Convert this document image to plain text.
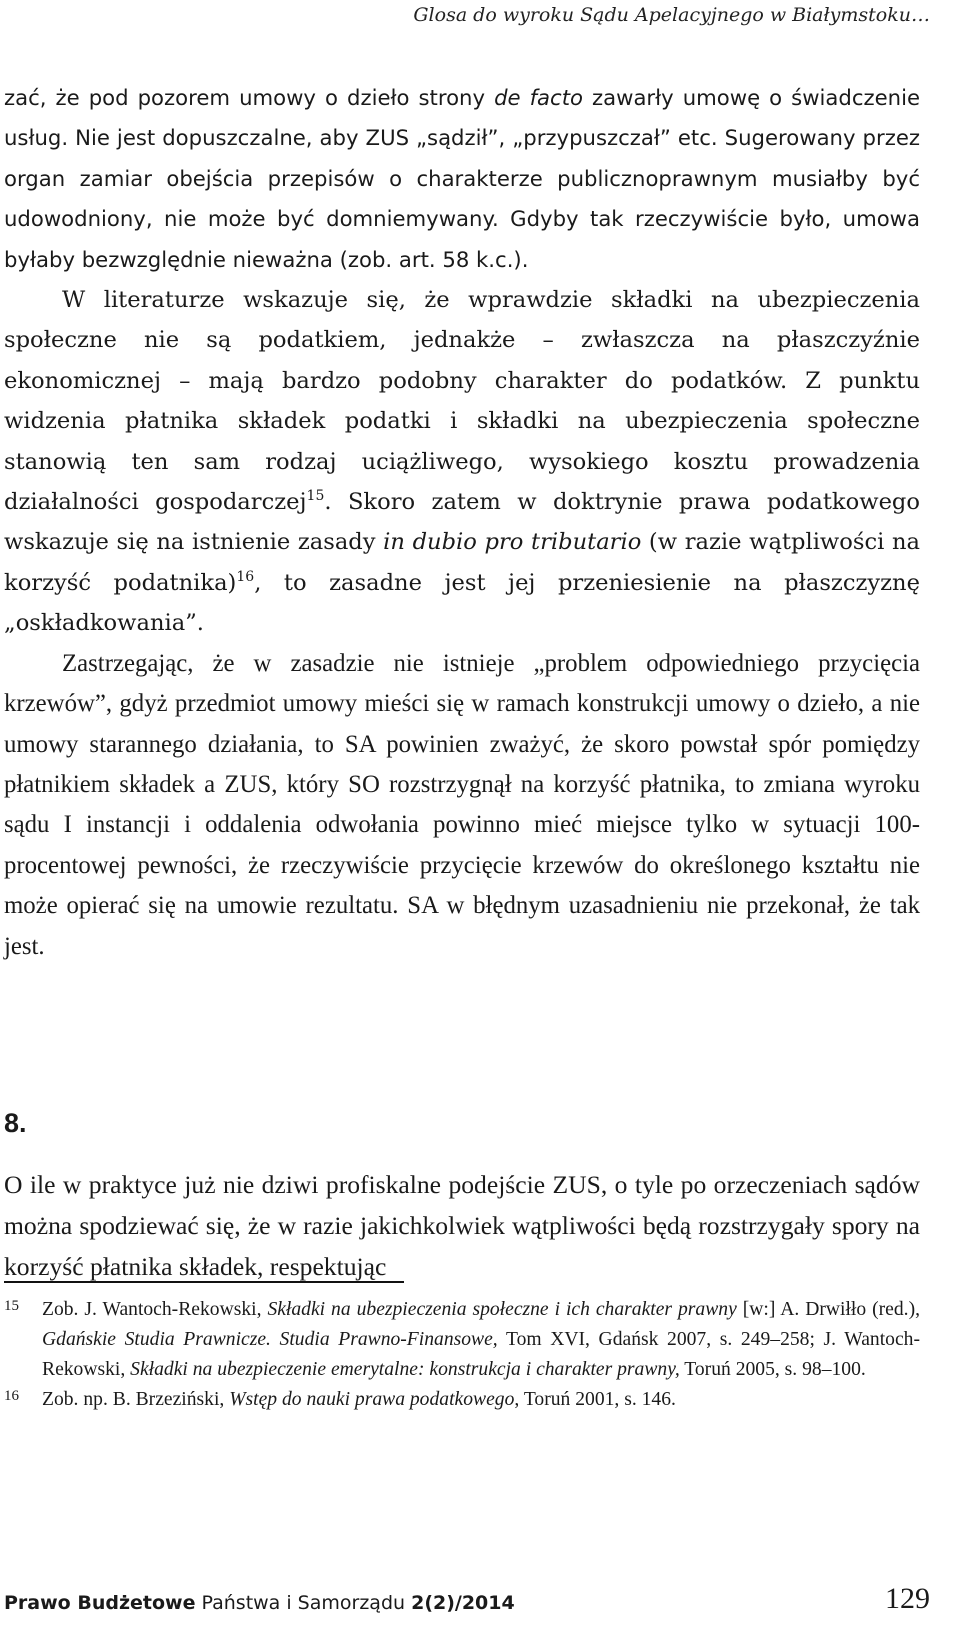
Glosa do wyroku Sądu Apelacyjnego w Białymstoku…

zać, że pod pozorem umowy o dzieło strony de facto zawarły umowę o świadczenie usług. Nie jest dopuszczalne, aby ZUS „sądził”, „przypuszczał” etc. Sugerowany przez organ zamiar obejścia przepisów o charakterze publicznoprawnym musiałby być udowodniony, nie może być domniemywany. Gdyby tak rzeczywiście było, umowa byłaby bezwzględnie nieważna (zob. art. 58 k.c.).

W literaturze wskazuje się, że wprawdzie składki na ubezpieczenia społeczne nie są podatkiem, jednakże – zwłaszcza na płaszczyźnie ekonomicznej – mają bardzo podobny charakter do podatków. Z punktu widzenia płatnika składek podatki i składki na ubezpieczenia społeczne stanowią ten sam rodzaj uciążliwego, wysokiego kosztu prowadzenia działalności gospodarczej$^{15}$. Skoro zatem w doktrynie prawa podatkowego wskazuje się na istnienie zasady in dubio pro tributario (w razie wątpliwości na korzyść podatnika)$^{16}$, to zasadne jest jej przeniesienie na płaszczyznę „oskładkowania”.

Zastrzegając, że w zasadzie nie istnieje „problem odpowiedniego przycięcia krzewów”, gdyż przedmiot umowy mieści się w ramach konstrukcji umowy o dzieło, a nie umowy starannego działania, to SA powinien zważyć, że skoro powstał spór pomiędzy płatnikiem składek a ZUS, który SO rozstrzygnął na korzyść płatnika, to zmiana wyroku sądu I instancji i oddalenia odwołania powinno mieć miejsce tylko w sytuacji 100-procentowej pewności, że rzeczywiście przycięcie krzewów do określonego kształtu nie może opierać się na umowie rezultatu. SA w błędnym uzasadnieniu nie przekonał, że tak jest.

8.
O ile w praktyce już nie dziwi profiskalne podejście ZUS, o tyle po orzeczeniach sądów można spodziewać się, że w razie jakichkolwiek wątpliwości będą rozstrzygały spory na korzyść płatnika składek, respektując
15 Zob. J. Wantoch-Rekowski, Składki na ubezpieczenia społeczne i ich charakter prawny [w:] A. Drwiłło (red.), Gdańskie Studia Prawnicze. Studia Prawno-Finansowe, Tom XVI, Gdańsk 2007, s. 249–258; J. Wantoch-Rekowski, Składki na ubezpieczenie emerytalne: konstrukcja i charakter prawny, Toruń 2005, s. 98–100.
16 Zob. np. B. Brzeziński, Wstęp do nauki prawa podatkowego, Toruń 2001, s. 146.
Prawo Budżetowe Państwa i Samorządu 2(2)/2014	129
